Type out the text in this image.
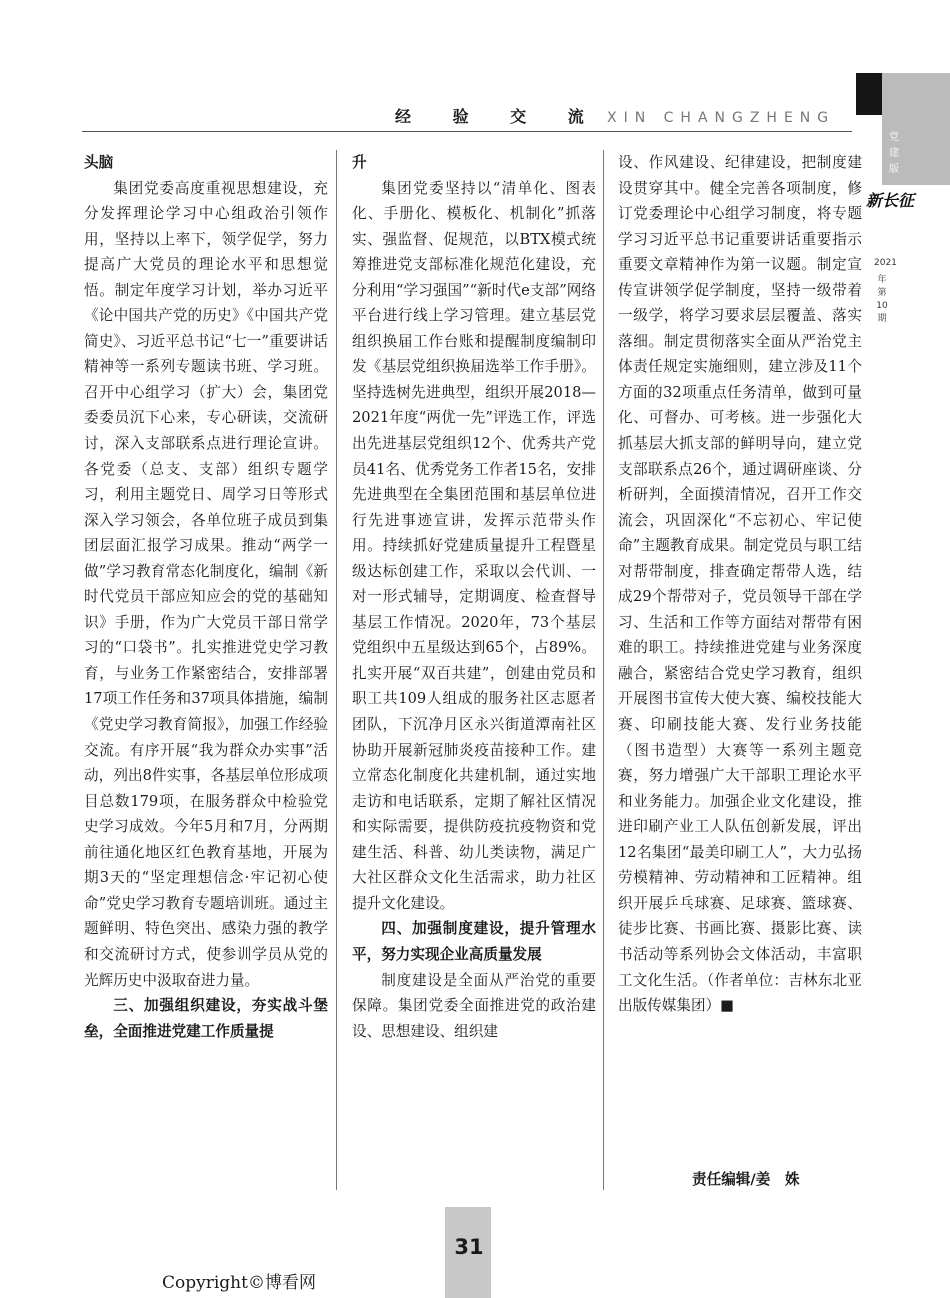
经 验 交 流 XIN CHANGZHENG
党建版
新长征
2021
年第10期
头脑

集团党委高度重视思想建设，充分发挥理论学习中心组政治引领作用，坚持以上率下，领学促学，努力提高广大党员的理论水平和思想觉悟。制定年度学习计划，举办习近平《论中国共产党的历史》《中国共产党简史》、习近平总书记“七一”重要讲话精神等一系列专题读书班、学习班。召开中心组学习（扩大）会，集团党委委员沉下心来，专心研读，交流研讨，深入支部联系点进行理论宣讲。各党委（总支、支部）组织专题学习，利用主题党日、周学习日等形式深入学习领会，各单位班子成员到集团层面汇报学习成果。推动“两学一做”学习教育常态化制度化，编制《新时代党员干部应知应会的党的基础知识》手册，作为广大党员干部日常学习的“口袋书”。扎实推进党史学习教育，与业务工作紧密结合，安排部署17项工作任务和37项具体措施，编制《党史学习教育简报》，加强工作经验交流。有序开展“我为群众办实事”活动，列出8件实事，各基层单位形成项目总数179项，在服务群众中检验党史学习成效。今年5月和7月，分两期前往通化地区红色教育基地，开展为期3天的“坚定理想信念·牢记初心使命”党史学习教育专题培训班。通过主题鲜明、特色突出、感染力强的教学和交流研讨方式，使参训学员从党的光辉历史中汲取奋进力量。

三、加强组织建设，夯实战斗堡垒，全面推进党建工作质量提
升

集团党委坚持以“清单化、图表化、手册化、模板化、机制化”抓落实、强监督、促规范，以BTX模式统筹推进党支部标准化规范化建设，充分利用“学习强国”“新时代e支部”网络平台进行线上学习管理。建立基层党组织换届工作台账和提醒制度编制印发《基层党组织换届选举工作手册》。坚持选树先进典型，组织开展2018—2021年度“两优一先”评选工作，评选出先进基层党组织12个、优秀共产党员41名、优秀党务工作者15名，安排先进典型在全集团范围和基层单位进行先进事迹宣讲，发挥示范带头作用。持续抓好党建质量提升工程暨星级达标创建工作，采取以会代训、一对一形式辅导，定期调度、检查督导基层工作情况。2020年，73个基层党组织中五星级达到65个，占89%。扎实开展“双百共建”，创建由党员和职工共109人组成的服务社区志愿者团队，下沉净月区永兴街道潭南社区协助开展新冠肺炎疫苗接种工作。建立常态化制度化共建机制，通过实地走访和电话联系，定期了解社区情况和实际需要，提供防疫抗疫物资和党建生活、科普、幼儿类读物，满足广大社区群众文化生活需求，助力社区提升文化建设。

四、加强制度建设，提升管理水平，努力实现企业高质量发展

制度建设是全面从严治党的重要保障。集团党委全面推进党的政治建设、思想建设、组织建

设、作风建设、纪律建设，把制度建设贯穿其中。健全完善各项制度，修订党委理论中心组学习制度，将专题学习习近平总书记重要讲话重要指示重要文章精神作为第一议题。制定宣传宣讲领学促学制度，坚持一级带着一级学，将学习要求层层覆盖、落实落细。制定贯彻落实全面从严治党主体责任规定实施细则，建立涉及11个方面的32项重点任务清单，做到可量化、可督办、可考核。进一步强化大抓基层大抓支部的鲜明导向，建立党支部联系点26个，通过调研座谈、分析研判，全面摸清情况，召开工作交流会，巩固深化“不忘初心、牢记使命”主题教育成果。制定党员与职工结对帮带制度，排查确定帮带人选，结成29个帮带对子，党员领导干部在学习、生活和工作等方面结对帮带有困难的职工。持续推进党建与业务深度融合，紧密结合党史学习教育，组织开展图书宣传大使大赛、编校技能大赛、印刷技能大赛、发行业务技能（图书造型）大赛等一系列主题竞赛，努力增强广大干部职工理论水平和业务能力。加强企业文化建设，推进印刷产业工人队伍创新发展，评出12名集团“最美印刷工人”，大力弘扬劳模精神、劳动精神和工匠精神。组织开展乒乓球赛、足球赛、篮球赛、徒步比赛、书画比赛、摄影比赛、读书活动等系列协会文体活动，丰富职工文化生活。（作者单位：吉林东北亚出版传媒集团）■

责任编辑/姜　姝
31
Copyright©博看网
